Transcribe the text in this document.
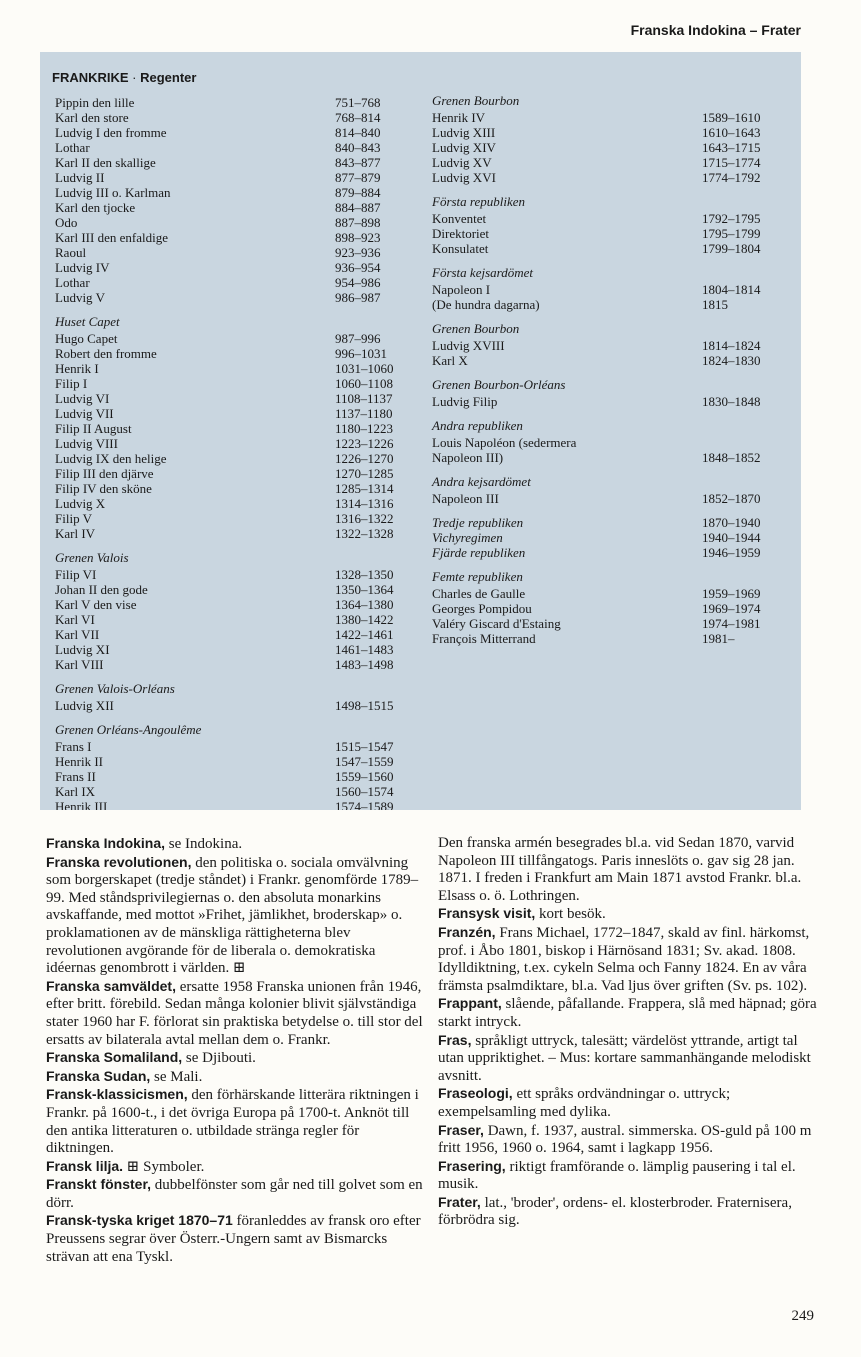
Franska Indokina – Frater
FRANKRIKE · Regenter
Pippin den lille	751–768
Karl den store	768–814
Ludvig I den fromme	814–840
Lothar	840–843
Karl II den skallige	843–877
Ludvig II	877–879
Ludvig III o. Karlman	879–884
Karl den tjocke	884–887
Odo	887–898
Karl III den enfaldige	898–923
Raoul	923–936
Ludvig IV	936–954
Lothar	954–986
Ludvig V	986–987
Huset Capet
Hugo Capet	987–996
Robert den fromme	996–1031
Henrik I	1031–1060
Filip I	1060–1108
Ludvig VI	1108–1137
Ludvig VII	1137–1180
Filip II August	1180–1223
Ludvig VIII	1223–1226
Ludvig IX den helige	1226–1270
Filip III den djärve	1270–1285
Filip IV den sköne	1285–1314
Ludvig X	1314–1316
Filip V	1316–1322
Karl IV	1322–1328
Grenen Valois
Filip VI	1328–1350
Johan II den gode	1350–1364
Karl V den vise	1364–1380
Karl VI	1380–1422
Karl VII	1422–1461
Ludvig XI	1461–1483
Karl VIII	1483–1498
Grenen Valois-Orléans
Ludvig XII	1498–1515
Grenen Orléans-Angoulême
Frans I	1515–1547
Henrik II	1547–1559
Frans II	1559–1560
Karl IX	1560–1574
Henrik III	1574–1589
Grenen Bourbon
Henrik IV	1589–1610
Ludvig XIII	1610–1643
Ludvig XIV	1643–1715
Ludvig XV	1715–1774
Ludvig XVI	1774–1792
Första republiken
Konventet	1792–1795
Direktoriet	1795–1799
Konsulatet	1799–1804
Första kejsardömet
Napoleon I	1804–1814
(De hundra dagarna)	1815
Grenen Bourbon
Ludvig XVIII	1814–1824
Karl X	1824–1830
Grenen Bourbon-Orléans
Ludvig Filip	1830–1848
Andra republiken
Louis Napoléon (sedermera
Napoleon III)	1848–1852
Andra kejsardömet
Napoleon III	1852–1870
Tredje republiken	1870–1940
Vichyregimen	1940–1944
Fjärde republiken	1946–1959
Femte republiken
Charles de Gaulle	1959–1969
Georges Pompidou	1969–1974
Valéry Giscard d'Estaing	1974–1981
François Mitterrand	1981–

Franska Indokina, se Indokina.

Franska revolutionen, den politiska o. sociala omvälvning som borgerskapet (tredje ståndet) i Frankr. genomförde 1789–99. Med ståndsprivilegiernas o. den absoluta monarkins avskaffande, med mottot »Frihet, jämlikhet, broderskap» o. proklamationen av de mänskliga rättigheterna blev revolutionen avgörande för de liberala o. demokratiska idéernas genombrott i världen. ⊞

Franska samväldet, ersatte 1958 Franska unionen från 1946, efter britt. förebild. Sedan många kolonier blivit självständiga stater 1960 har F. förlorat sin praktiska betydelse o. till stor del ersatts av bilaterala avtal mellan dem o. Frankr.

Franska Somaliland, se Djibouti.

Franska Sudan, se Mali.

Fransk-klassicismen, den förhärskande litterära riktningen i Frankr. på 1600-t., i det övriga Europa på 1700-t. Anknöt till den antika litteraturen o. utbildade stränga regler för diktningen.

Fransk lilja. ⊞ Symboler.

Franskt fönster, dubbelfönster som går ned till golvet som en dörr.

Fransk-tyska kriget 1870–71 föranleddes av fransk oro efter Preussens segrar över Österr.-Ungern samt av Bismarcks strävan att ena Tyskl.

Den franska armén besegrades bl.a. vid Sedan 1870, varvid Napoleon III tillfångatogs. Paris inneslöts o. gav sig 28 jan. 1871. I freden i Frankfurt am Main 1871 avstod Frankr. bl.a. Elsass o. ö. Lothringen.

Fransysk visit, kort besök.

Franzén, Frans Michael, 1772–1847, skald av finl. härkomst, prof. i Åbo 1801, biskop i Härnösand 1831; Sv. akad. 1808. Idylldiktning, t.ex. cykeln Selma och Fanny 1824. En av våra främsta psalmdiktare, bl.a. Vad ljus över griften (Sv. ps. 102).

Frappant, slående, påfallande. Frappera, slå med häpnad; göra starkt intryck.

Fras, språkligt uttryck, talesätt; värdelöst yttrande, artigt tal utan uppriktighet. – Mus: kortare sammanhängande melodiskt avsnitt.

Fraseologi, ett språks ordvändningar o. uttryck; exempelsamling med dylika.

Fraser, Dawn, f. 1937, austral. simmerska. OS-guld på 100 m fritt 1956, 1960 o. 1964, samt i lagkapp 1956.

Frasering, riktigt framförande o. lämplig pausering i tal el. musik.

Frater, lat., 'broder', ordens- el. klosterbroder. Fraternisera, förbrödra sig.

249
